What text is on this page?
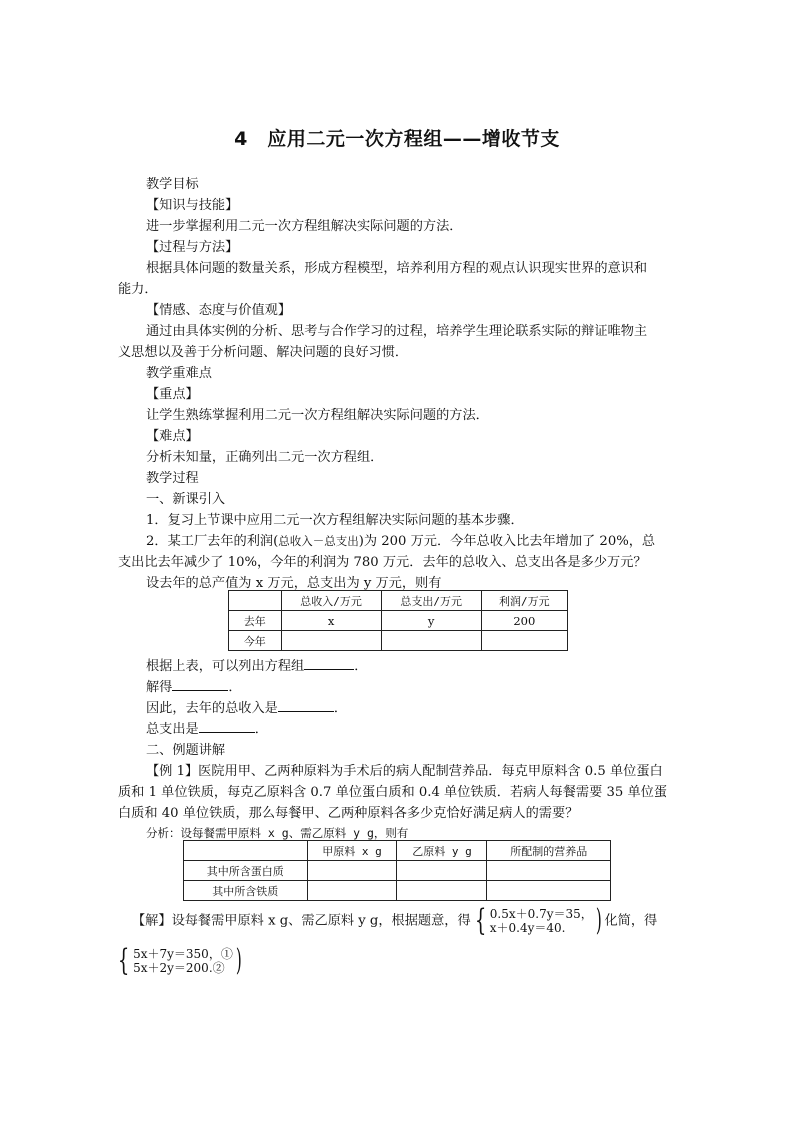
4　应用二元一次方程组——增收节支
教学目标
【知识与技能】
进一步掌握利用二元一次方程组解决实际问题的方法．
【过程与方法】
根据具体问题的数量关系，形成方程模型，培养利用方程的观点认识现实世界的意识和
能力．
【情感、态度与价值观】
通过由具体实例的分析、思考与合作学习的过程，培养学生理论联系实际的辩证唯物主
义思想以及善于分析问题、解决问题的良好习惯．
教学重难点
【重点】
让学生熟练掌握利用二元一次方程组解决实际问题的方法．
【难点】
分析未知量，正确列出二元一次方程组．
教学过程
一、新课引入
1．复习上节课中应用二元一次方程组解决实际问题的基本步骤．
2．某工厂去年的利润(总收入－总支出)为 200 万元．今年总收入比去年增加了 20%，总
支出比去年减少了 10%，今年的利润为 780 万元．去年的总收入、总支出各是多少万元？
设去年的总产值为 x 万元，总支出为 y 万元，则有
	总收入/万元	总支出/万元	利润/万元
去年	x	y	200
今年			
根据上表，可以列出方程组	．
解得	．
因此，去年的总收入是	．
总支出是	．
二、例题讲解
【例 1】医院用甲、乙两种原料为手术后的病人配制营养品．每克甲原料含 0.5 单位蛋白
质和 1 单位铁质，每克乙原料含 0.7 单位蛋白质和 0.4 单位铁质．若病人每餐需要 35 单位蛋
白质和 40 单位铁质，那么每餐甲、乙两种原料各多少克恰好满足病人的需要？
分析：设每餐需甲原料 x g、需乙原料 y g，则有
	甲原料 x g	乙原料 y g	所配制的营养品
其中所含蛋白质			
其中所含铁质			
【解】设每餐需甲原料 x g、需乙原料 y g，根据题意，得 { 0.5x＋0.7y＝35，
x＋0.4y＝40. ) 化简，得
{ 5x＋7y＝350，①
5x＋2y＝200.② )
